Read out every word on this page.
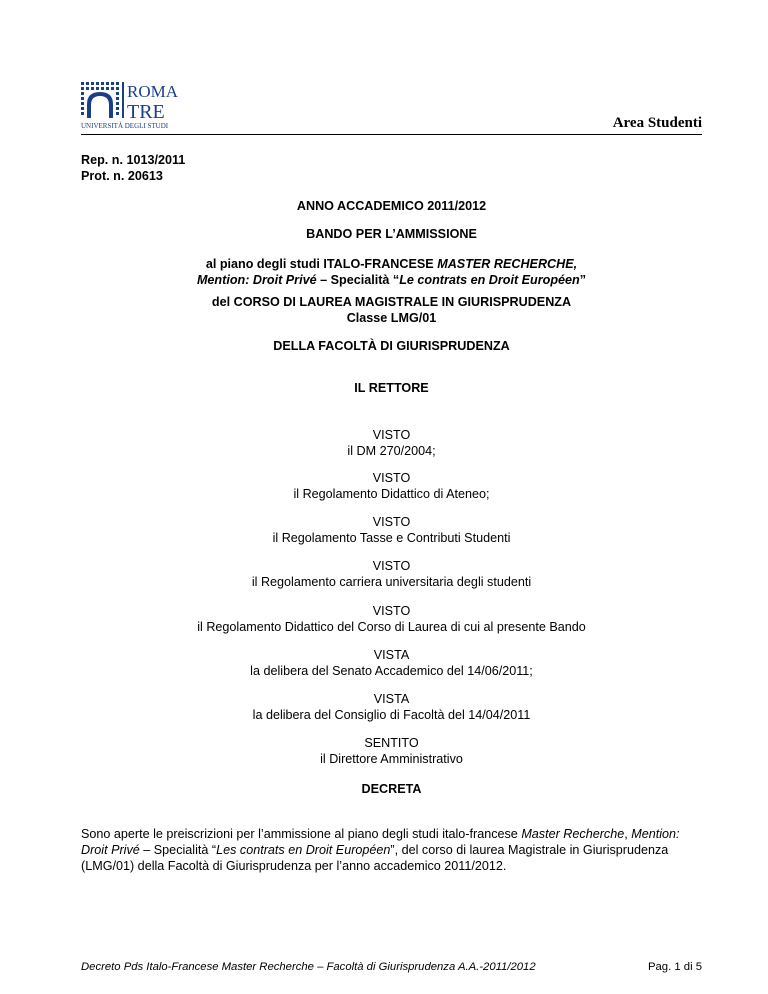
ROMA
TRE
UNIVERSITÀ DEGLI STUDI	Area Studenti
Rep. n. 1013/2011
Prot. n. 20613
ANNO ACCADEMICO 2011/2012
BANDO PER L’AMMISSIONE
al piano degli studi ITALO-FRANCESE MASTER RECHERCHE,
Mention: Droit Privé – Specialità “Le contrats en Droit Européen”
del CORSO DI LAUREA MAGISTRALE IN GIURISPRUDENZA
Classe LMG/01
DELLA FACOLTÀ DI GIURISPRUDENZA
IL RETTORE
VISTO
il DM 270/2004;
VISTO
il Regolamento Didattico di Ateneo;
VISTO
il Regolamento Tasse e Contributi Studenti
VISTO
il Regolamento carriera universitaria degli studenti
VISTO
il Regolamento Didattico del Corso di Laurea di cui al presente Bando
VISTA
la delibera del Senato Accademico del 14/06/2011;
VISTA
la delibera del Consiglio di Facoltà del 14/04/2011
SENTITO
il Direttore Amministrativo
DECRETA
Sono aperte le preiscrizioni per l’ammissione al piano degli studi italo-francese Master Recherche, Mention: Droit Privé – Specialità “Les contrats en Droit Européen”, del corso di laurea Magistrale in Giurisprudenza (LMG/01) della Facoltà di Giurisprudenza per l’anno accademico 2011/2012.
Decreto Pds Italo-Francese Master Recherche – Facoltà di Giurisprudenza A.A.-2011/2012	Pag. 1 di 5
